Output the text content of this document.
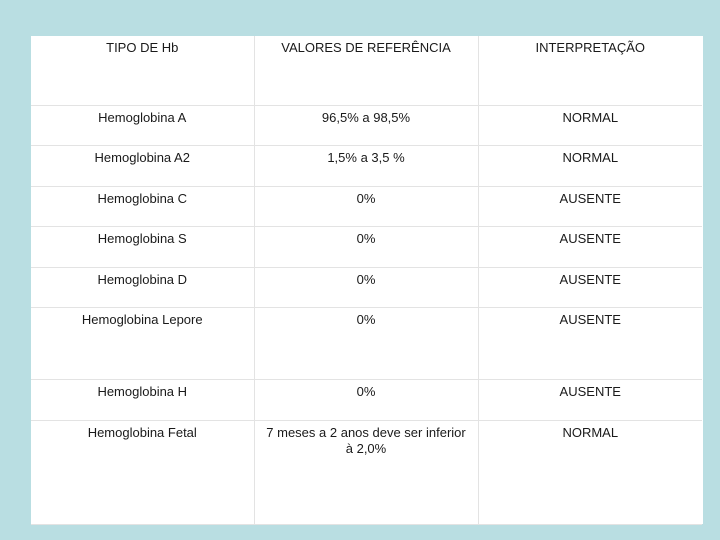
TIPO DE Hb	VALORES DE REFERÊNCIA	INTERPRETAÇÃO
Hemoglobina A	96,5% a 98,5%	NORMAL
Hemoglobina A2	1,5% a 3,5 %	NORMAL
Hemoglobina C	0%	AUSENTE
Hemoglobina S	0%	AUSENTE
Hemoglobina D	0%	AUSENTE
Hemoglobina Lepore	0%	AUSENTE
Hemoglobina H	0%	AUSENTE
Hemoglobina Fetal	7 meses a 2 anos deve ser inferior à 2,0%	NORMAL
